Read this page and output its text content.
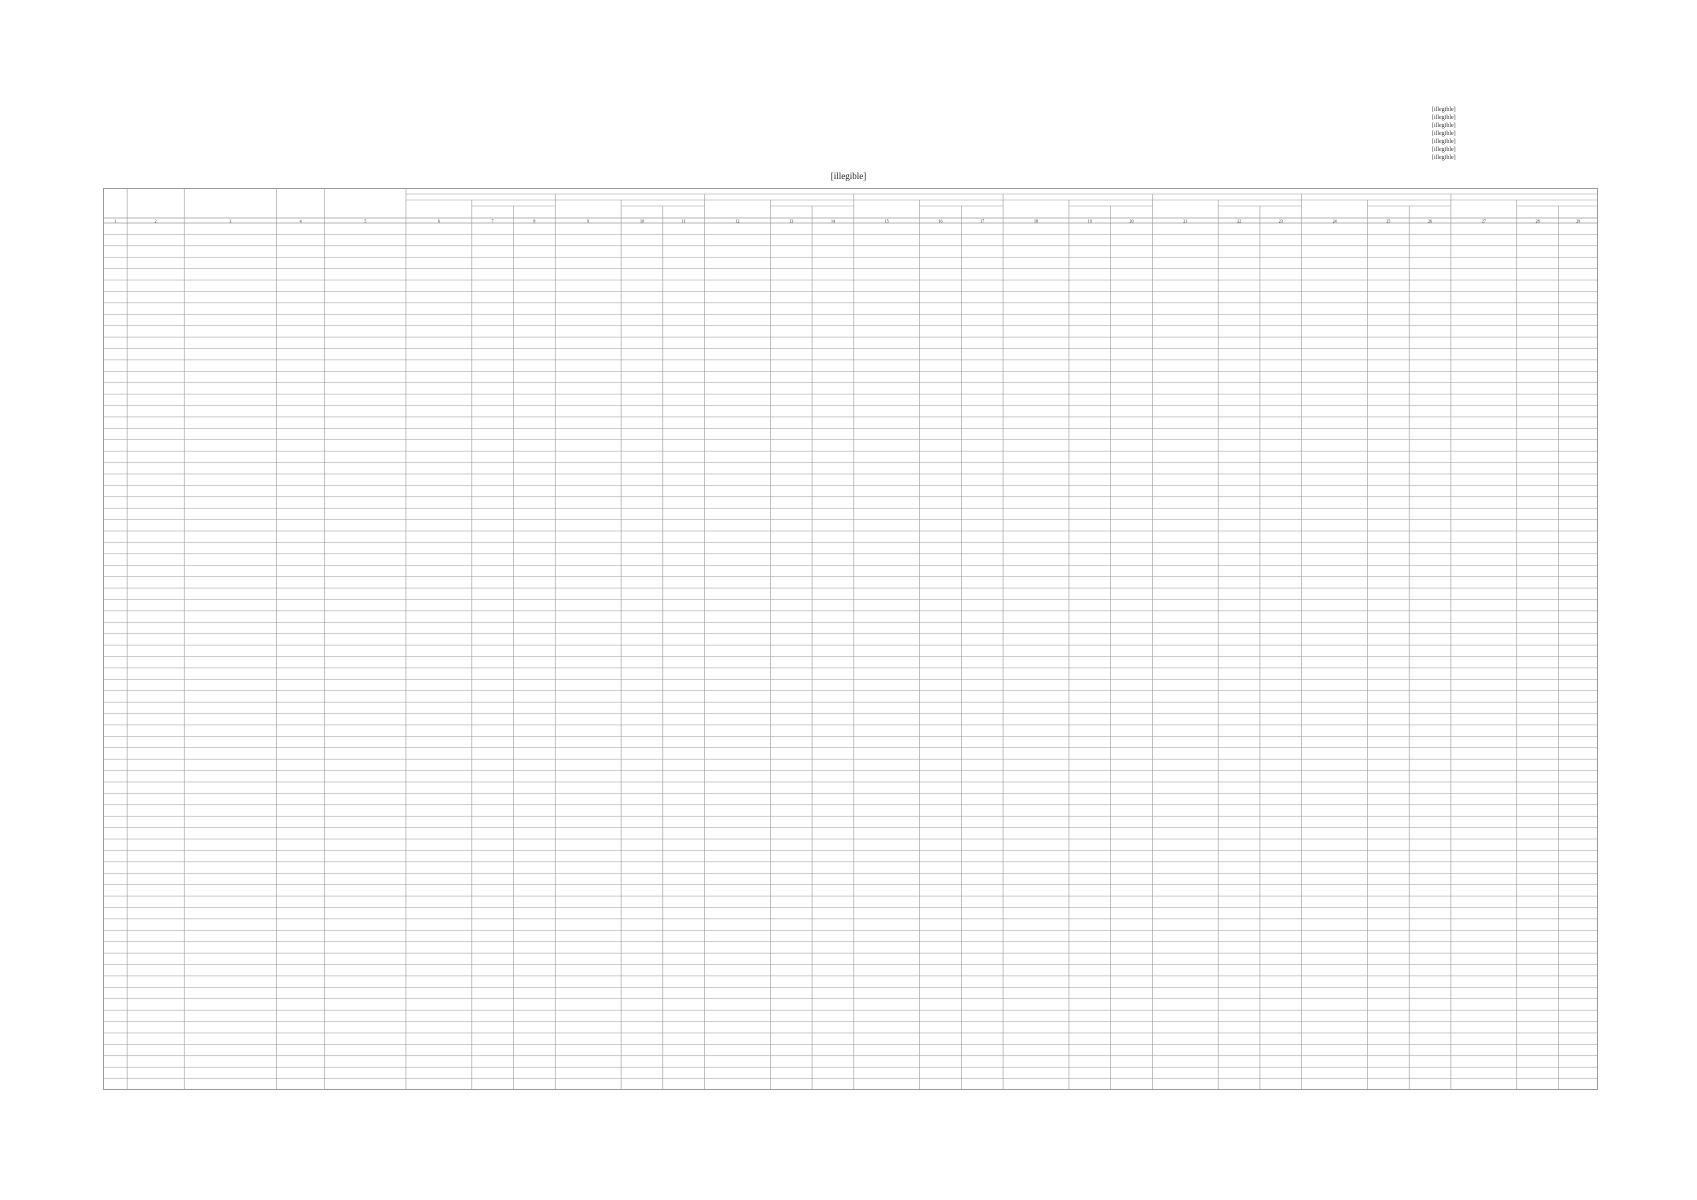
[illegible]
[illegible]
[illegible]
[illegible]
[illegible]
[illegible]
[illegible]
[illegible]
1	2	3	4	5	6	7	8	9	10	11	12	13	14	15	16	17	18	19	20	21	22	23	24	25	26	27	28	29
